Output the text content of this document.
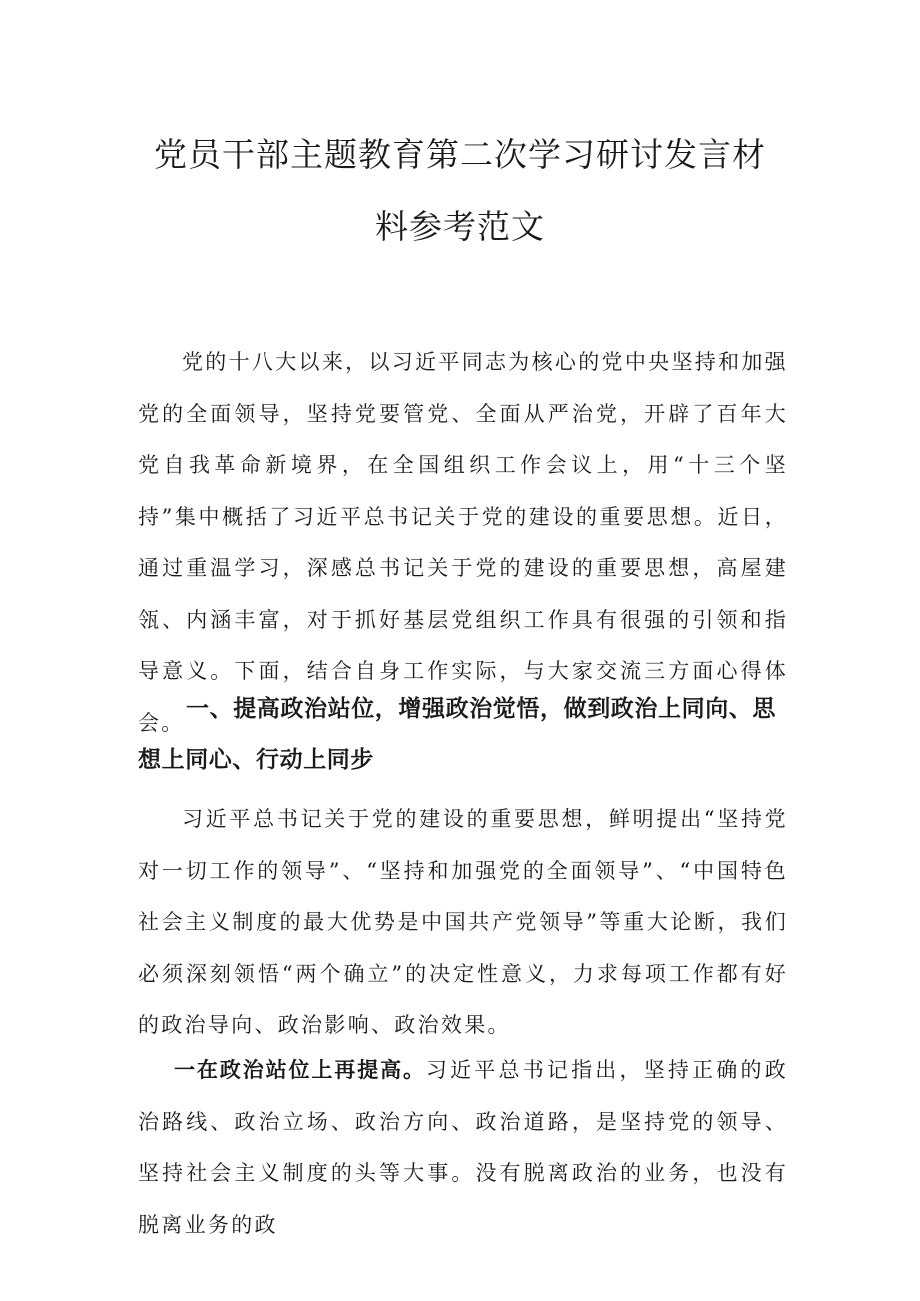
党员干部主题教育第二次学习研讨发言材
料参考范文

党的十八大以来，以习近平同志为核心的党中央坚持和加强党的全面领导，坚持党要管党、全面从严治党，开辟了百年大党自我革命新境界，在全国组织工作会议上，用“十三个坚持”集中概括了习近平总书记关于党的建设的重要思想。近日，通过重温学习，深感总书记关于党的建设的重要思想，高屋建瓴、内涵丰富，对于抓好基层党组织工作具有很强的引领和指导意义。下面，结合自身工作实际，与大家交流三方面心得体会。

一、提高政治站位，增强政治觉悟，做到政治上同向、思想上同心、行动上同步

习近平总书记关于党的建设的重要思想，鲜明提出“坚持党对一切工作的领导”、“坚持和加强党的全面领导”、“中国特色社会主义制度的最大优势是中国共产党领导”等重大论断，我们必须深刻领悟“两个确立”的决定性意义，力求每项工作都有好的政治导向、政治影响、政治效果。

一在政治站位上再提高。习近平总书记指出，坚持正确的政治路线、政治立场、政治方向、政治道路，是坚持党的领导、坚持社会主义制度的头等大事。没有脱离政治的业务，也没有脱离业务的政
